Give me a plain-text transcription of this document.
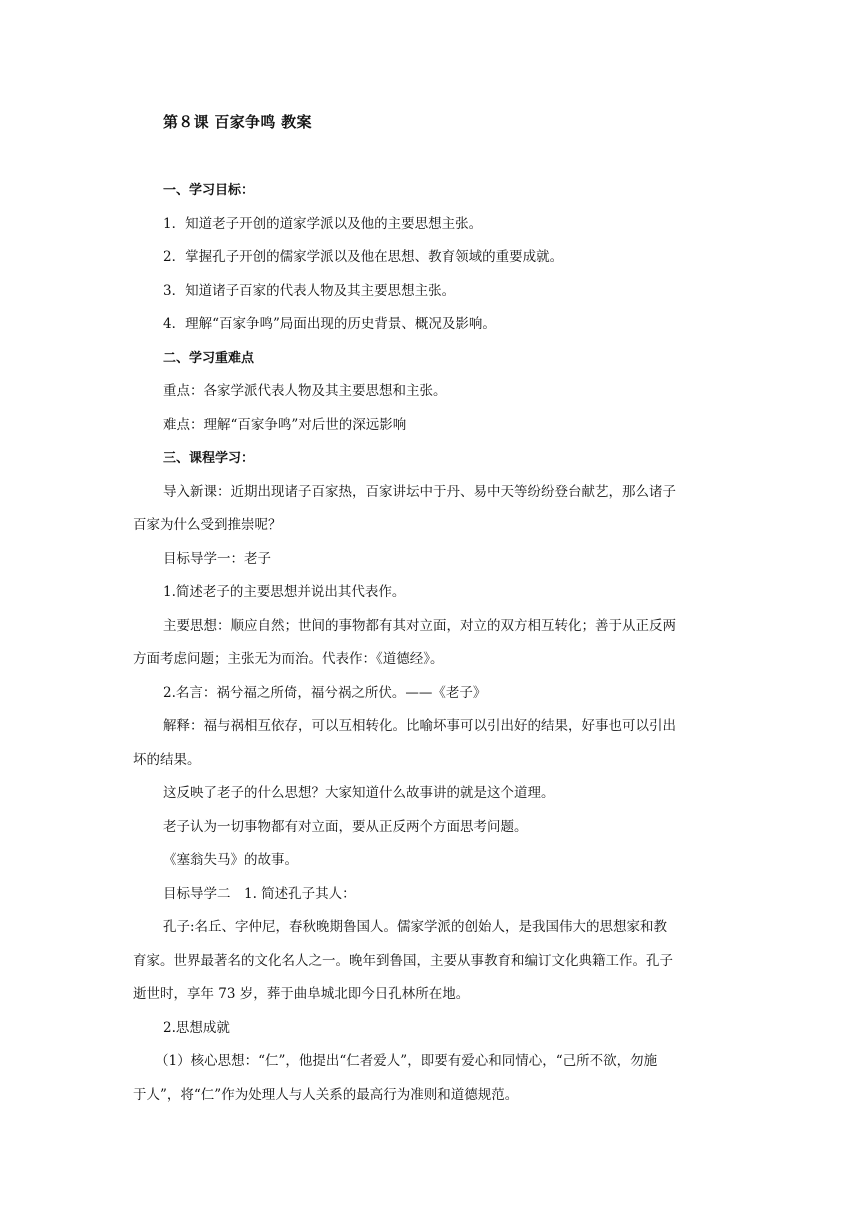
第８课 百家争鸣 教案
一、学习目标：
1．知道老子开创的道家学派以及他的主要思想主张。
2．掌握孔子开创的儒家学派以及他在思想、教育领域的重要成就。
3．知道诸子百家的代表人物及其主要思想主张。
4．理解“百家争鸣”局面出现的历史背景、概况及影响。
二、学习重难点
重点：各家学派代表人物及其主要思想和主张。
难点：理解“百家争鸣”对后世的深远影响
三、课程学习：
导入新课：近期出现诸子百家热，百家讲坛中于丹、易中天等纷纷登台献艺，那么诸子
百家为什么受到推崇呢？
目标导学一：老子
1.简述老子的主要思想并说出其代表作。
主要思想：顺应自然；世间的事物都有其对立面，对立的双方相互转化；善于从正反两
方面考虑问题；主张无为而治。代表作：《道德经》。
2.名言：祸兮福之所倚，福兮祸之所伏。——《老子》
解释：福与祸相互依存，可以互相转化。比喻坏事可以引出好的结果，好事也可以引出
坏的结果。
这反映了老子的什么思想？大家知道什么故事讲的就是这个道理。
老子认为一切事物都有对立面，要从正反两个方面思考问题。
《塞翁失马》的故事。
目标导学二　1. 简述孔子其人：
孔子:名丘、字仲尼，春秋晚期鲁国人。儒家学派的创始人，是我国伟大的思想家和教
育家。世界最著名的文化名人之一。晚年到鲁国，主要从事教育和编订文化典籍工作。孔子
逝世时，享年 73 岁，葬于曲阜城北即今日孔林所在地。
2.思想成就
（1）核心思想：“仁”，他提出“仁者爱人”，即要有爱心和同情心，“己所不欲，勿施
于人”，将“仁”作为处理人与人关系的最高行为准则和道德规范。
